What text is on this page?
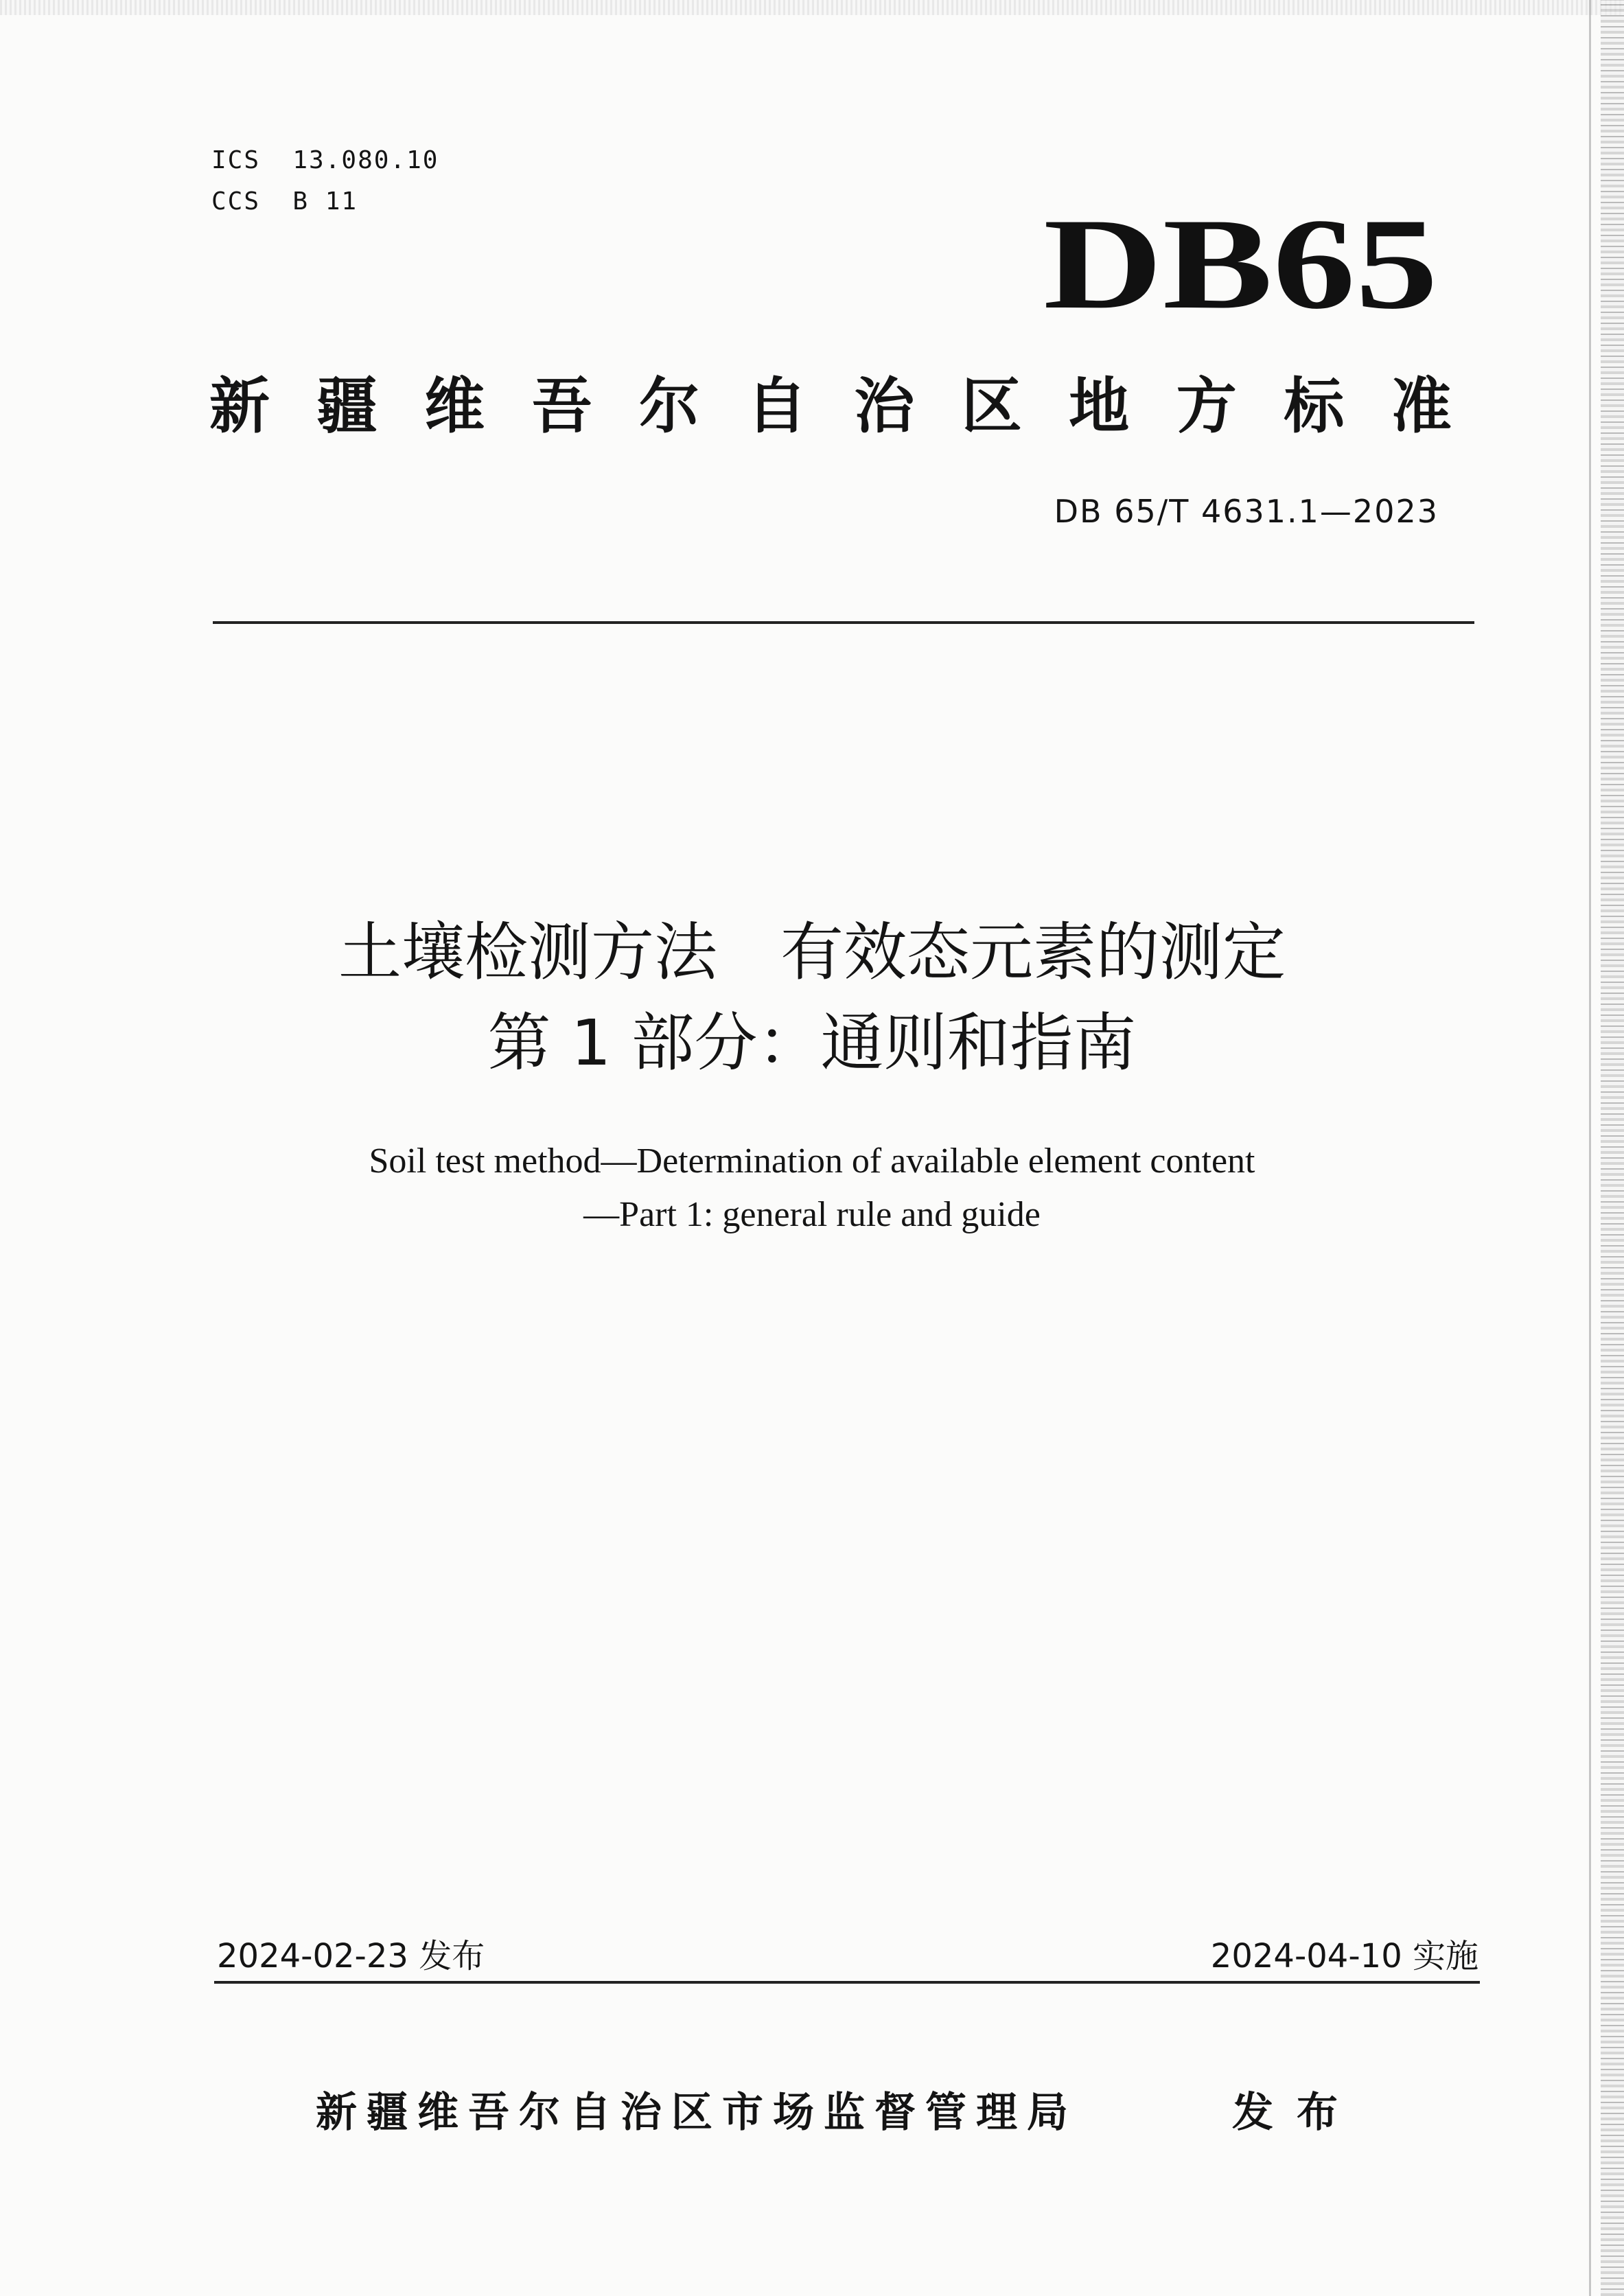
ICS  13.080.10
CCS  B 11	DB65
新 疆 维 吾 尔 自 治 区 地 方 标 准
DB 65/T 4631.1—2023
土壤检测方法　有效态元素的测定
第 1 部分：通则和指南
Soil test method—Determination of available element content
—Part 1: general rule and guide
2024-02-23 发布	2024-04-10 实施
新疆维吾尔自治区市场监督管理局	发布
